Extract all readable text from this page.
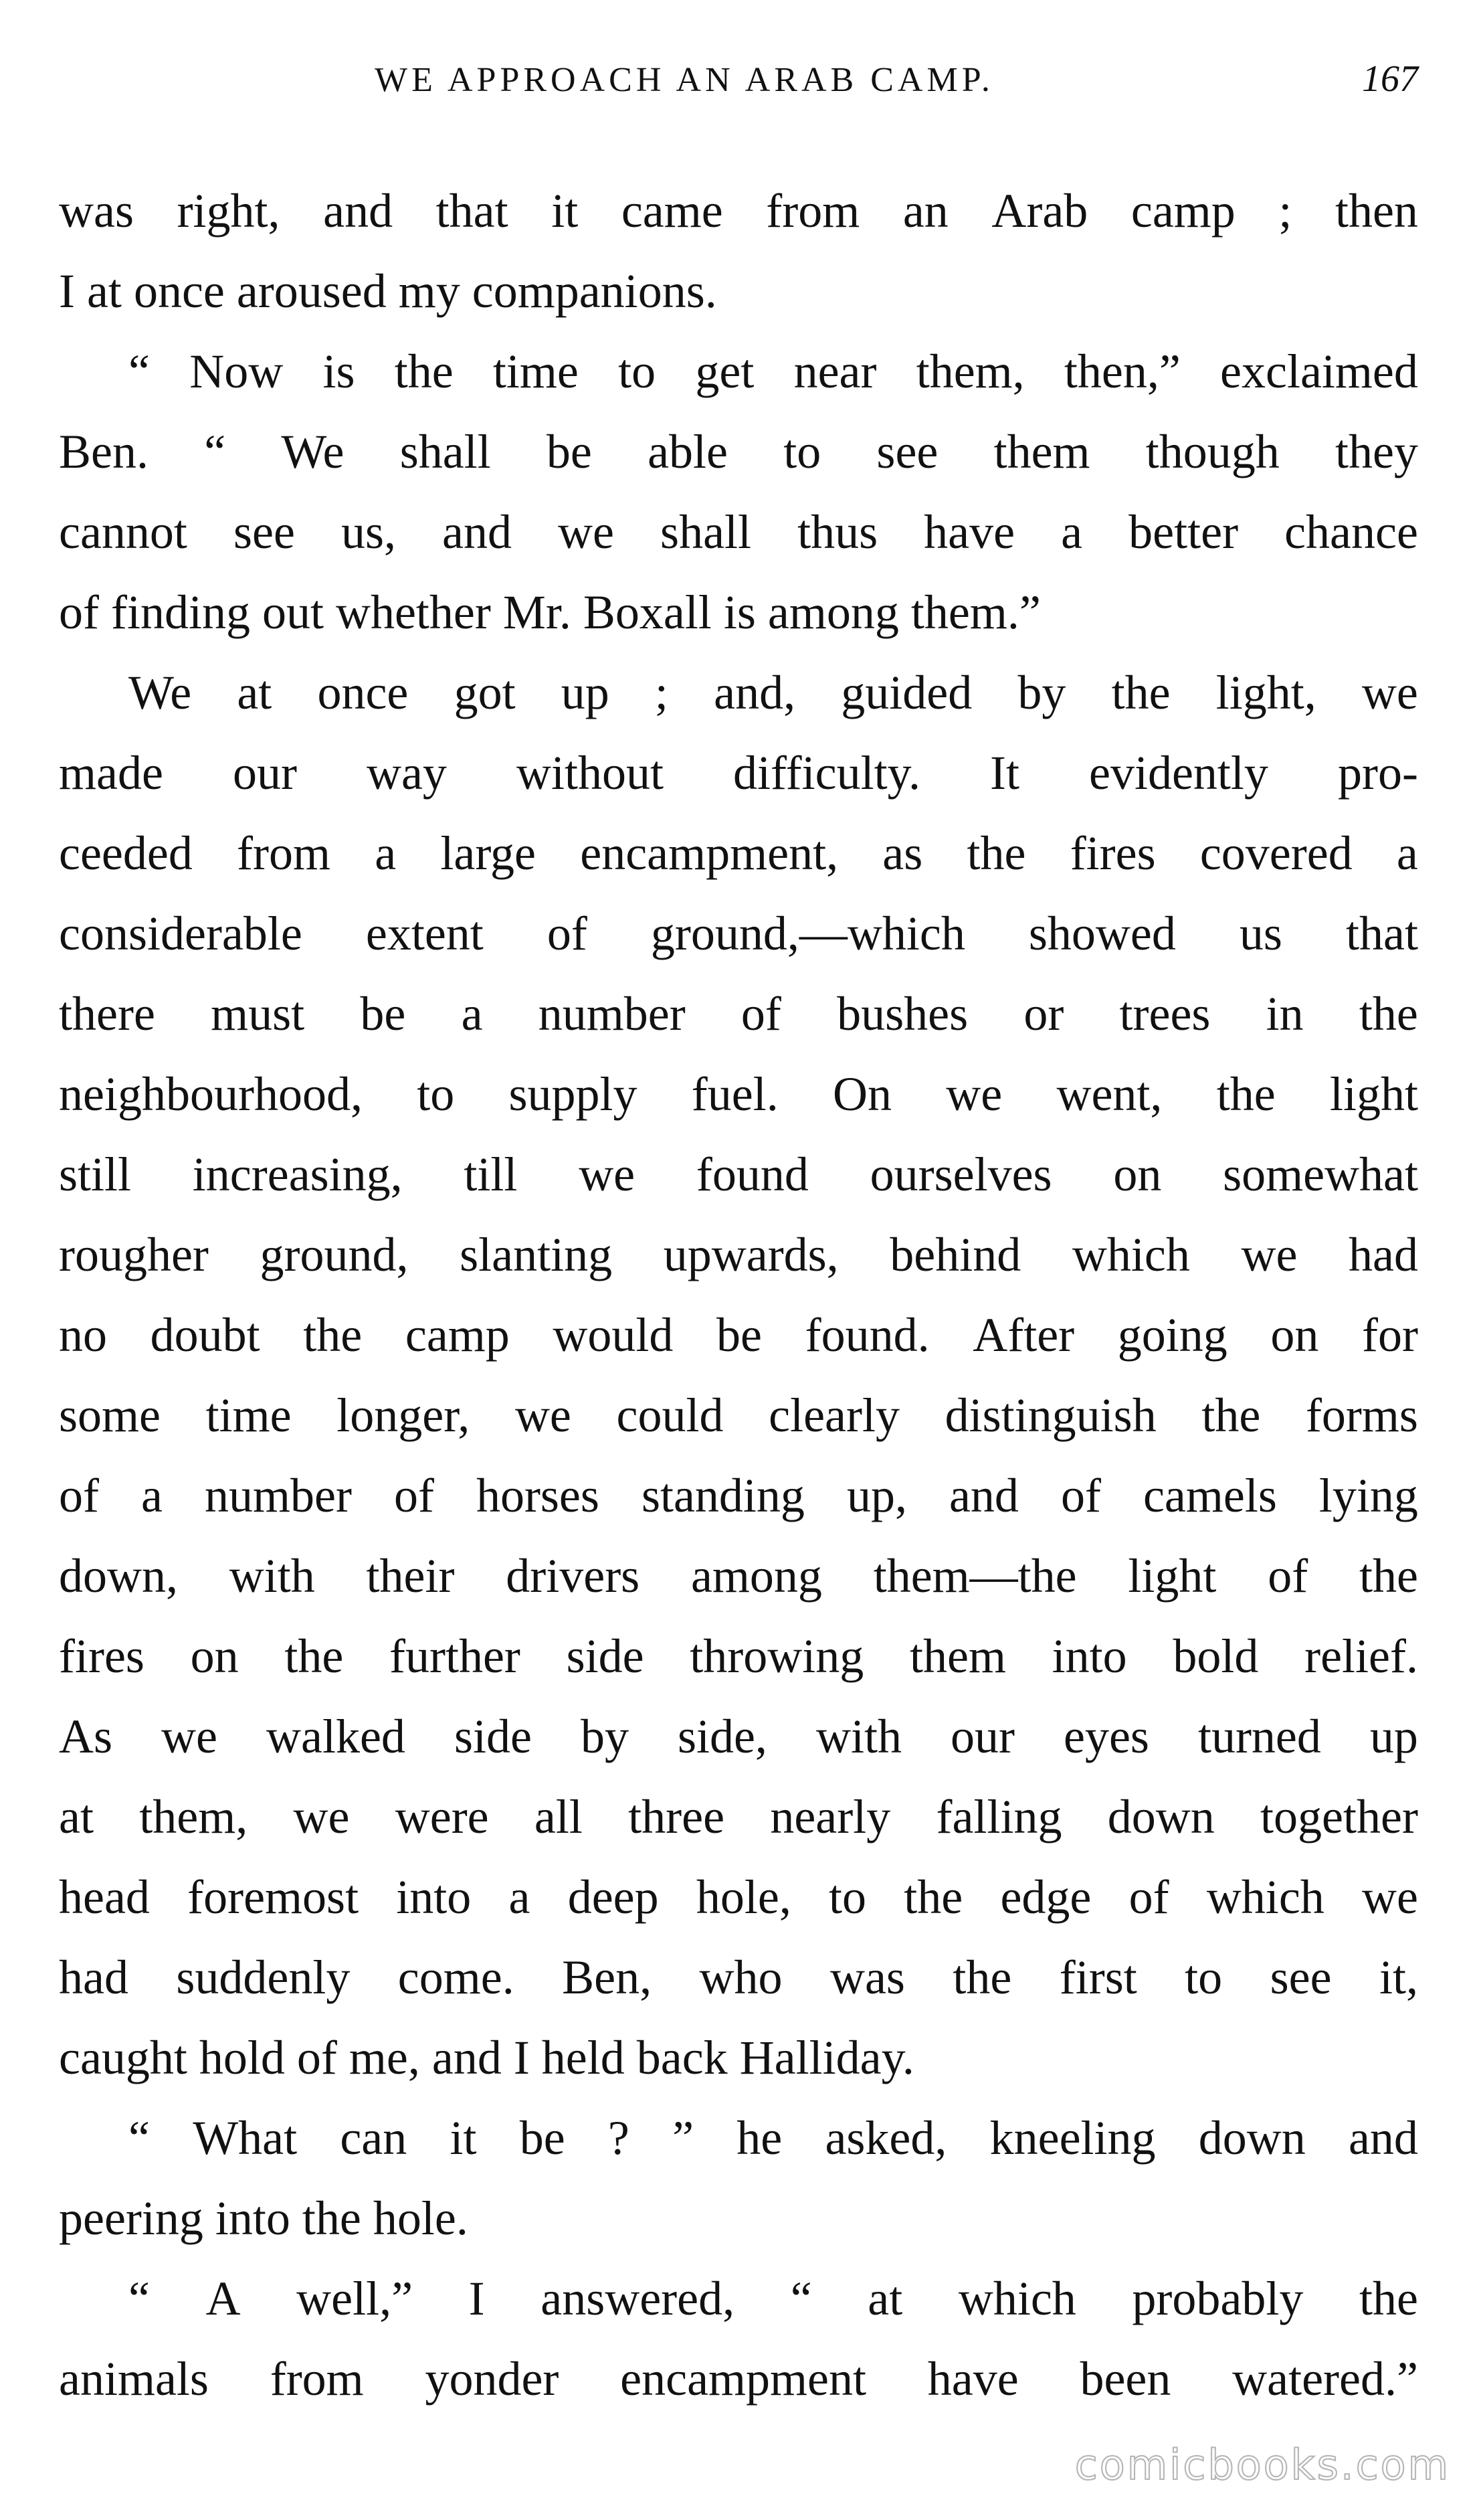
WE APPROACH AN ARAB CAMP.	167
was right, and that it came from an Arab camp ; then
I at once aroused my companions.
“ Now is the time to get near them, then,” exclaimed
Ben. “ We shall be able to see them though they
cannot see us, and we shall thus have a better chance
of finding out whether Mr. Boxall is among them.”
We at once got up ; and, guided by the light, we
made our way without difficulty. It evidently pro-
ceeded from a large encampment, as the fires covered a
considerable extent of ground,—which showed us that
there must be a number of bushes or trees in the
neighbourhood, to supply fuel. On we went, the light
still increasing, till we found ourselves on somewhat
rougher ground, slanting upwards, behind which we had
no doubt the camp would be found. After going on for
some time longer, we could clearly distinguish the forms
of a number of horses standing up, and of camels lying
down, with their drivers among them—the light of the
fires on the further side throwing them into bold relief.
As we walked side by side, with our eyes turned up
at them, we were all three nearly falling down together
head foremost into a deep hole, to the edge of which we
had suddenly come. Ben, who was the first to see it,
caught hold of me, and I held back Halliday.
“ What can it be ? ” he asked, kneeling down and
peering into the hole.
“ A well,” I answered, “ at which probably the
animals from yonder encampment have been watered.”
comicbooks.com
